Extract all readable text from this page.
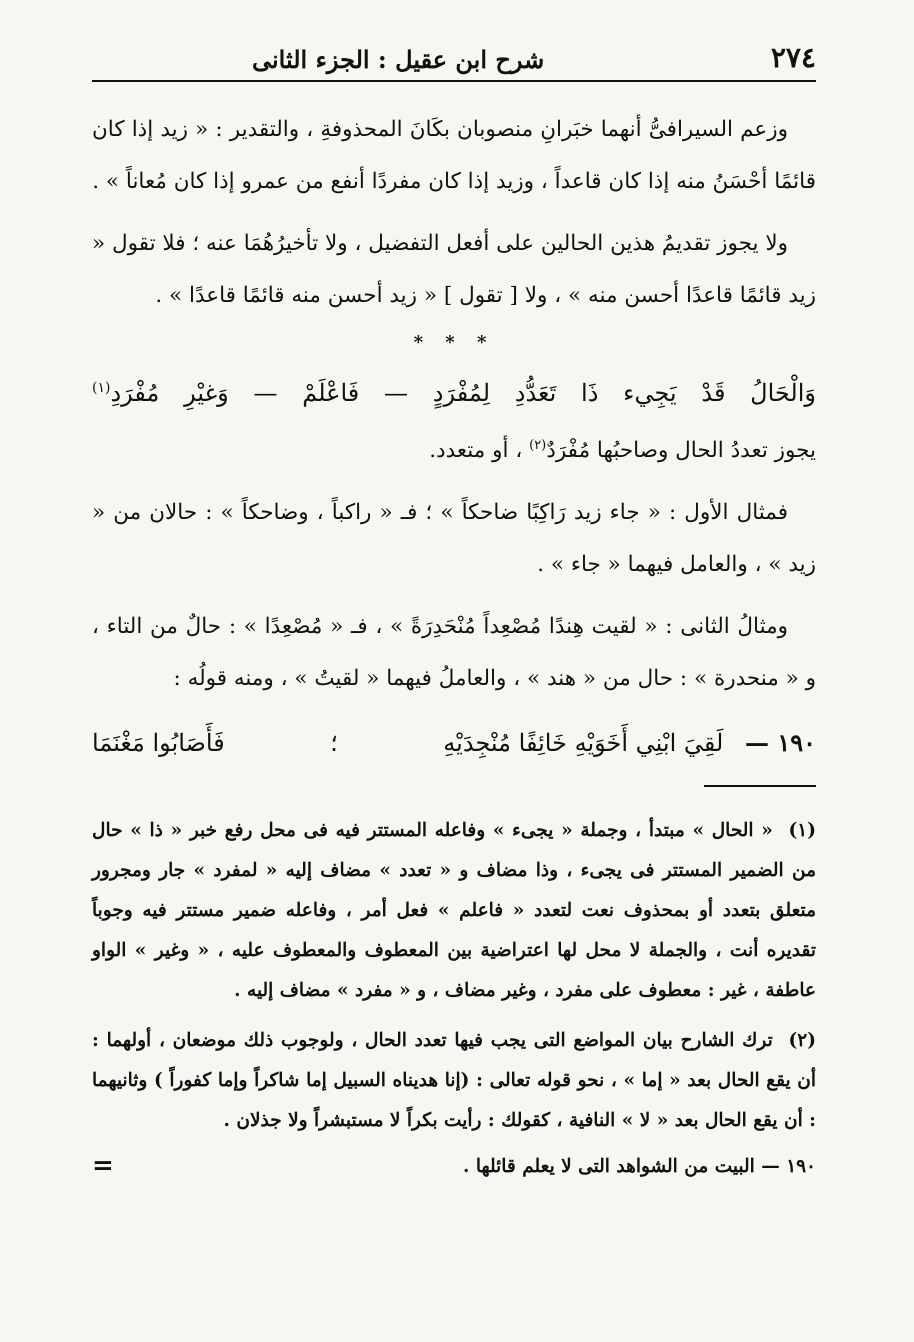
٢٧٤
شرح ابن عقيل : الجزء الثانى

وزعم السيرافىُّ أنهما خبَرانِ منصوبان بكَانَ المحذوفةِ ، والتقدير : « زيد إذا كان قائمًا أحْسَنُ منه إذا كان قاعداً ، وزيد إذا كان مفردًا أنفع من عمرو إذا كان مُعاناً » .

ولا يجوز تقديمُ هذين الحالين على أفعل التفضيل ، ولا تأخيرُهُمَا عنه ؛ فلا تقول « زيد قائمًا قاعدًا أحسن منه » ، ولا [ تقول ] « زيد أحسن منه قائمًا قاعدًا » .

* * *

وَالْحَالُ قَدْ يَجِيء ذَا تَعَدُّدِ لِمُفْرَدٍ — فَاعْلَمْ — وَغيْرِ مُفْرَدِ$^{(١)}$

يجوز تعددُ الحال وصاحبُها مُفْرَدٌ$^{(٢)}$ ، أو متعدد.

فمثال الأول : « جاء زيد رَاكِبًا ضاحكاً » ؛ فـ « راكباً ، وضاحكاً » : حالان من « زيد » ، والعامل فيهما « جاء » .

ومثالُ الثانى : « لقيت هِندًا مُصْعِداً مُنْحَدِرَةً » ، فـ « مُصْعِدًا » : حالٌ من التاء ، و « منحدرة » : حال من « هند » ، والعاملُ فيهما « لقيتُ » ، ومنه قولُه :

١٩٠ — لَقِيَ ابْنِي أَخَوَيْهِ خَائِفًا مُنْجِدَيْهِ
؛
فَأَصَابُوا مَغْنَمَا

(١) « الحال » مبتدأ ، وجملة « يجىء » وفاعله المستتر فيه فى محل رفع خبر « ذا » حال من الضمير المستتر فى يجىء ، وذا مضاف و « تعدد » مضاف إليه « لمفرد » جار ومجرور متعلق بتعدد أو بمحذوف نعت لتعدد « فاعلم » فعل أمر ، وفاعله ضمير مستتر فيه وجوباً تقديره أنت ، والجملة لا محل لها اعتراضية بين المعطوف والمعطوف عليه ، « وغير » الواو عاطفة ، غير : معطوف على مفرد ، وغير مضاف ، و « مفرد » مضاف إليه .

(٢) ترك الشارح بيان المواضع التى يجب فيها تعدد الحال ، ولوجوب ذلك موضعان ، أولهما : أن يقع الحال بعد « إما » ، نحو قوله تعالى : (إنا هديناه السبيل إما شاكراً وإما كفوراً ) وثانيهما : أن يقع الحال بعد « لا » النافية ، كقولك : رأيت بكراً لا مستبشراً ولا جذلان .

١٩٠ — البيت من الشواهد التى لا يعلم قائلها .
=
